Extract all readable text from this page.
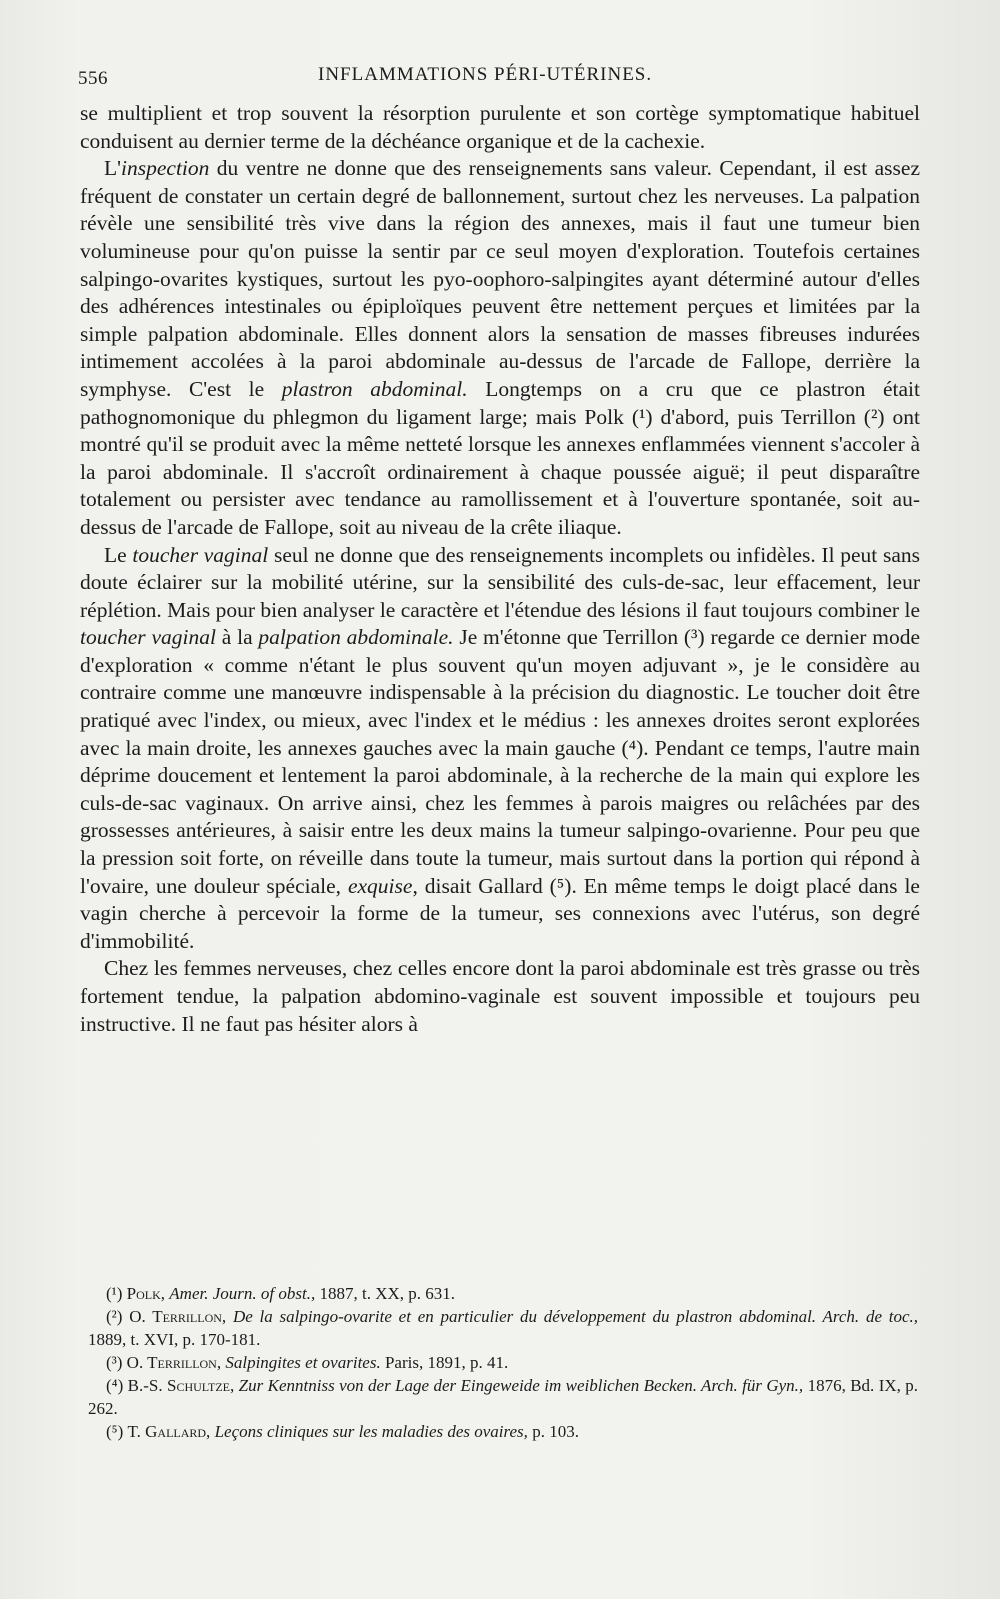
556	INFLAMMATIONS PÉRI-UTÉRINES.

se multiplient et trop souvent la résorption purulente et son cortège symptomatique habituel conduisent au dernier terme de la déchéance organique et de la cachexie.

L'inspection du ventre ne donne que des renseignements sans valeur. Cependant, il est assez fréquent de constater un certain degré de ballonnement, surtout chez les nerveuses. La palpation révèle une sensibilité très vive dans la région des annexes, mais il faut une tumeur bien volumineuse pour qu'on puisse la sentir par ce seul moyen d'exploration. Toutefois certaines salpingo-ovarites kystiques, surtout les pyo-oophoro-salpingites ayant déterminé autour d'elles des adhérences intestinales ou épiploïques peuvent être nettement perçues et limitées par la simple palpation abdominale. Elles donnent alors la sensation de masses fibreuses indurées intimement accolées à la paroi abdominale au-dessus de l'arcade de Fallope, derrière la symphyse. C'est le plastron abdominal. Longtemps on a cru que ce plastron était pathognomonique du phlegmon du ligament large; mais Polk (¹) d'abord, puis Terrillon (²) ont montré qu'il se produit avec la même netteté lorsque les annexes enflammées viennent s'accoler à la paroi abdominale. Il s'accroît ordinairement à chaque poussée aiguë; il peut disparaître totalement ou persister avec tendance au ramollissement et à l'ouverture spontanée, soit au-dessus de l'arcade de Fallope, soit au niveau de la crête iliaque.

Le toucher vaginal seul ne donne que des renseignements incomplets ou infidèles. Il peut sans doute éclairer sur la mobilité utérine, sur la sensibilité des culs-de-sac, leur effacement, leur réplétion. Mais pour bien analyser le caractère et l'étendue des lésions il faut toujours combiner le toucher vaginal à la palpation abdominale. Je m'étonne que Terrillon (³) regarde ce dernier mode d'exploration « comme n'étant le plus souvent qu'un moyen adjuvant », je le considère au contraire comme une manœuvre indispensable à la précision du diagnostic. Le toucher doit être pratiqué avec l'index, ou mieux, avec l'index et le médius : les annexes droites seront explorées avec la main droite, les annexes gauches avec la main gauche (⁴). Pendant ce temps, l'autre main déprime doucement et lentement la paroi abdominale, à la recherche de la main qui explore les culs-de-sac vaginaux. On arrive ainsi, chez les femmes à parois maigres ou relâchées par des grossesses antérieures, à saisir entre les deux mains la tumeur salpingo-ovarienne. Pour peu que la pression soit forte, on réveille dans toute la tumeur, mais surtout dans la portion qui répond à l'ovaire, une douleur spéciale, exquise, disait Gallard (⁵). En même temps le doigt placé dans le vagin cherche à percevoir la forme de la tumeur, ses connexions avec l'utérus, son degré d'immobilité.

Chez les femmes nerveuses, chez celles encore dont la paroi abdominale est très grasse ou très fortement tendue, la palpation abdomino-vaginale est souvent impossible et toujours peu instructive. Il ne faut pas hésiter alors à

(¹) Polk, Amer. Journ. of obst., 1887, t. XX, p. 631.

(²) O. Terrillon, De la salpingo-ovarite et en particulier du développement du plastron abdominal. Arch. de toc., 1889, t. XVI, p. 170-181.

(³) O. Terrillon, Salpingites et ovarites. Paris, 1891, p. 41.

(⁴) B.-S. Schultze, Zur Kenntniss von der Lage der Eingeweide im weiblichen Becken. Arch. für Gyn., 1876, Bd. IX, p. 262.

(⁵) T. Gallard, Leçons cliniques sur les maladies des ovaires, p. 103.
